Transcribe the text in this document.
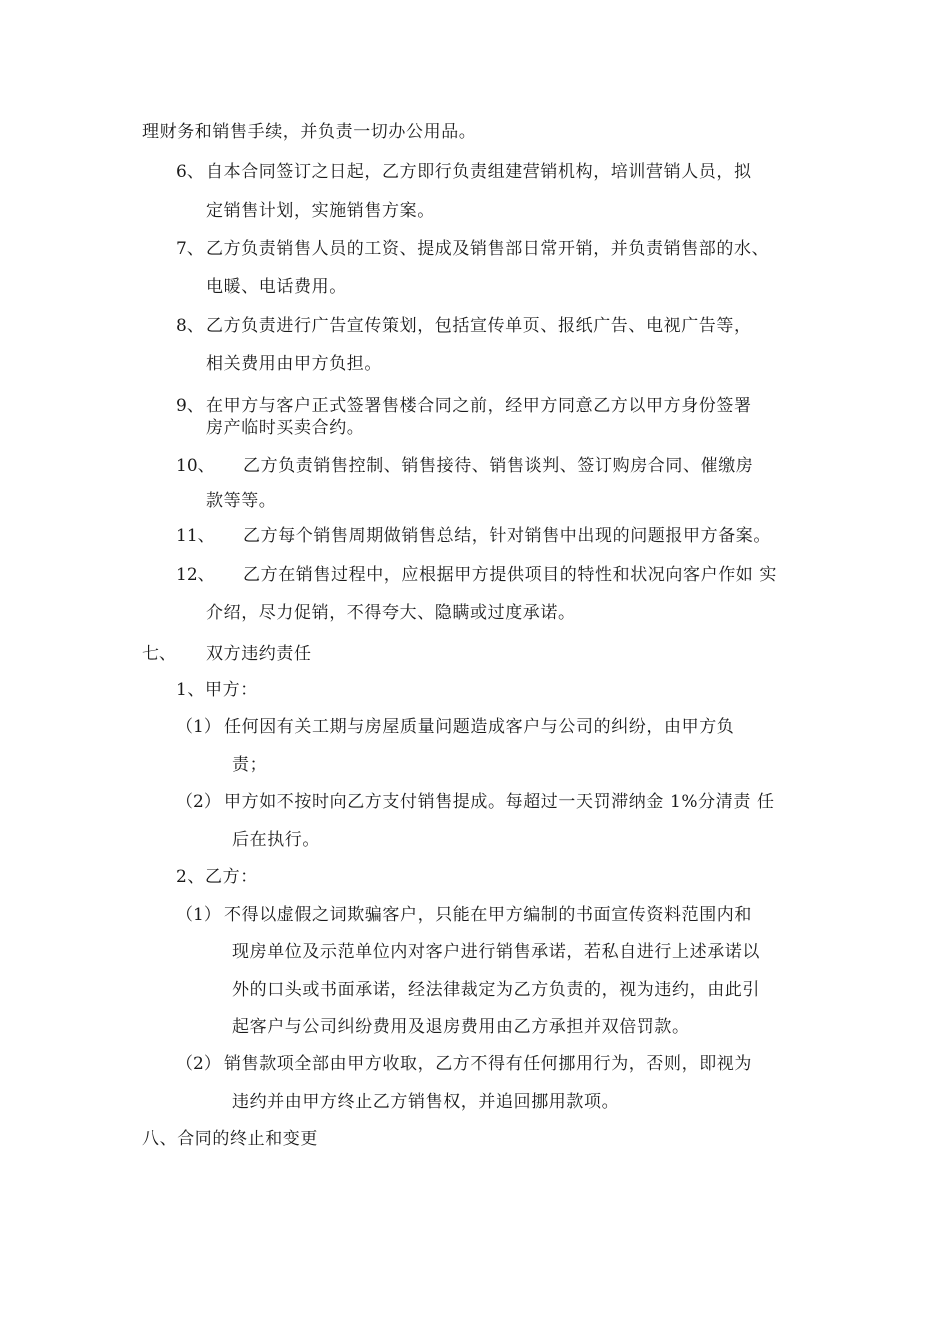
理财务和销售手续，并负责一切办公用品。
6、 自本合同签订之日起，乙方即行负责组建营销机构，培训营销人员，拟
定销售计划，实施销售方案。
7、 乙方负责销售人员的工资、提成及销售部日常开销，并负责销售部的水、
电暖、电话费用。
8、 乙方负责进行广告宣传策划，包括宣传单页、报纸广告、电视广告等，
相关费用由甲方负担。
9、 在甲方与客户正式签署售楼合同之前，经甲方同意乙方以甲方身份签署
房产临时买卖合约。
10、 乙方负责销售控制、销售接待、销售谈判、签订购房合同、催缴房
款等等。
11、 乙方每个销售周期做销售总结，针对销售中出现的问题报甲方备案。
12、 乙方在销售过程中，应根据甲方提供项目的特性和状况向客户作如 实
介绍，尽力促销，不得夸大、隐瞒或过度承诺。
七、 双方违约责任
1、甲方：
（1） 任何因有关工期与房屋质量问题造成客户与公司的纠纷，由甲方负
责；
（2） 甲方如不按时向乙方支付销售提成。每超过一天罚滞纳金 1%分清责 任
后在执行。
2、乙方：
（1） 不得以虚假之词欺骗客户，只能在甲方编制的书面宣传资料范围内和
现房单位及示范单位内对客户进行销售承诺，若私自进行上述承诺以
外的口头或书面承诺，经法律裁定为乙方负责的，视为违约，由此引
起客户与公司纠纷费用及退房费用由乙方承担并双倍罚款。
（2） 销售款项全部由甲方收取，乙方不得有任何挪用行为，否则，即视为
违约并由甲方终止乙方销售权，并追回挪用款项。
八、合同的终止和变更
